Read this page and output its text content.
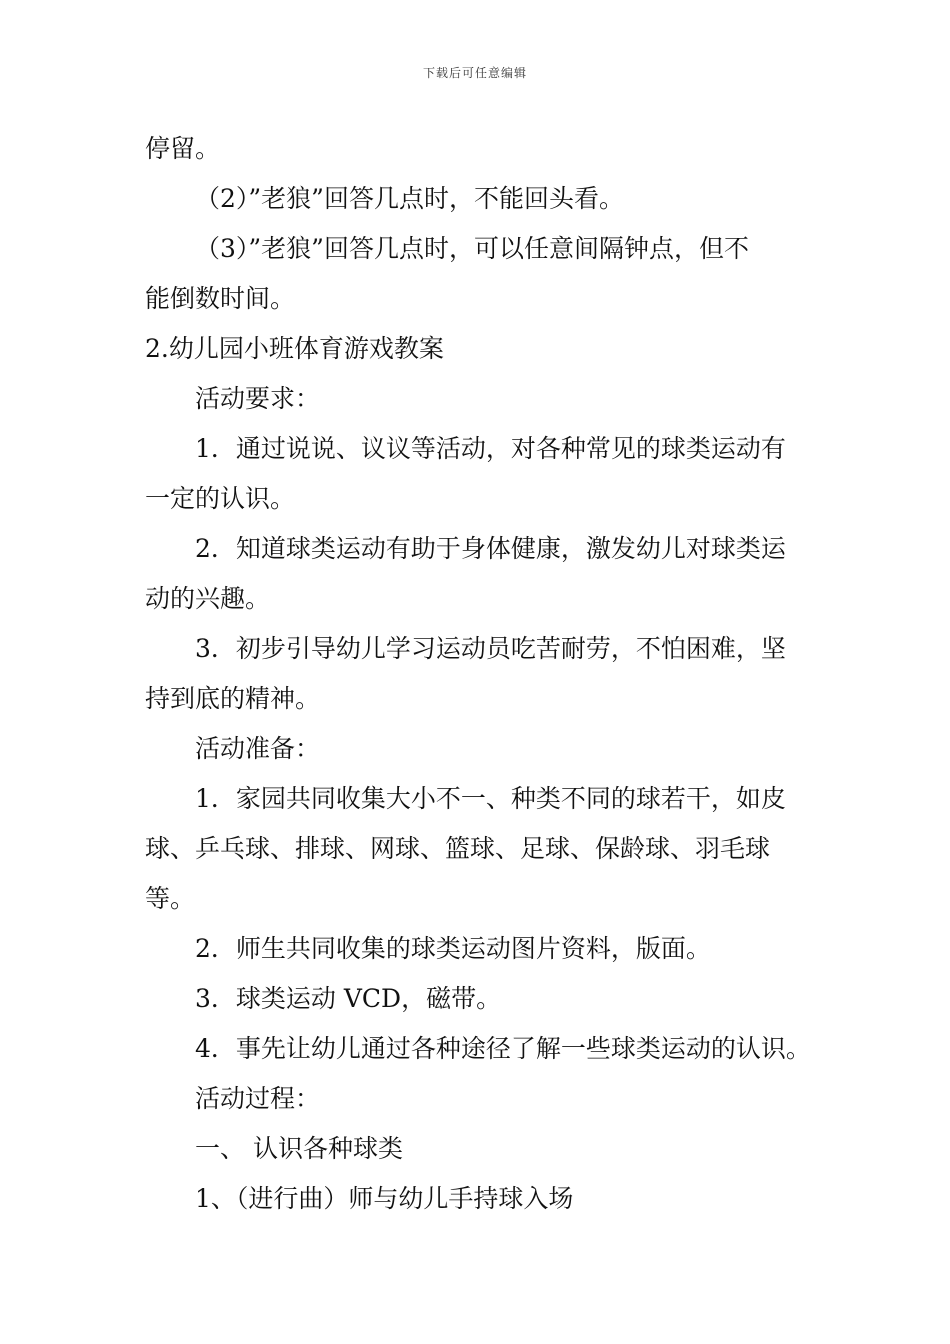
下载后可任意编辑
停留。
（2）”老狼”回答几点时，不能回头看。
（3）”老狼”回答几点时，可以任意间隔钟点，但不
能倒数时间。
2.幼儿园小班体育游戏教案
活动要求：
1．通过说说、议议等活动，对各种常见的球类运动有
一定的认识。
2．知道球类运动有助于身体健康，激发幼儿对球类运
动的兴趣。
3．初步引导幼儿学习运动员吃苦耐劳，不怕困难，坚
持到底的精神。
活动准备：
1．家园共同收集大小不一、种类不同的球若干，如皮
球、乒乓球、排球、网球、篮球、足球、保龄球、羽毛球
等。
2．师生共同收集的球类运动图片资料，版面。
3．球类运动 VCD，磁带。
4．事先让幼儿通过各种途径了解一些球类运动的认识。
活动过程：
一、 认识各种球类
1、（进行曲）师与幼儿手持球入场
